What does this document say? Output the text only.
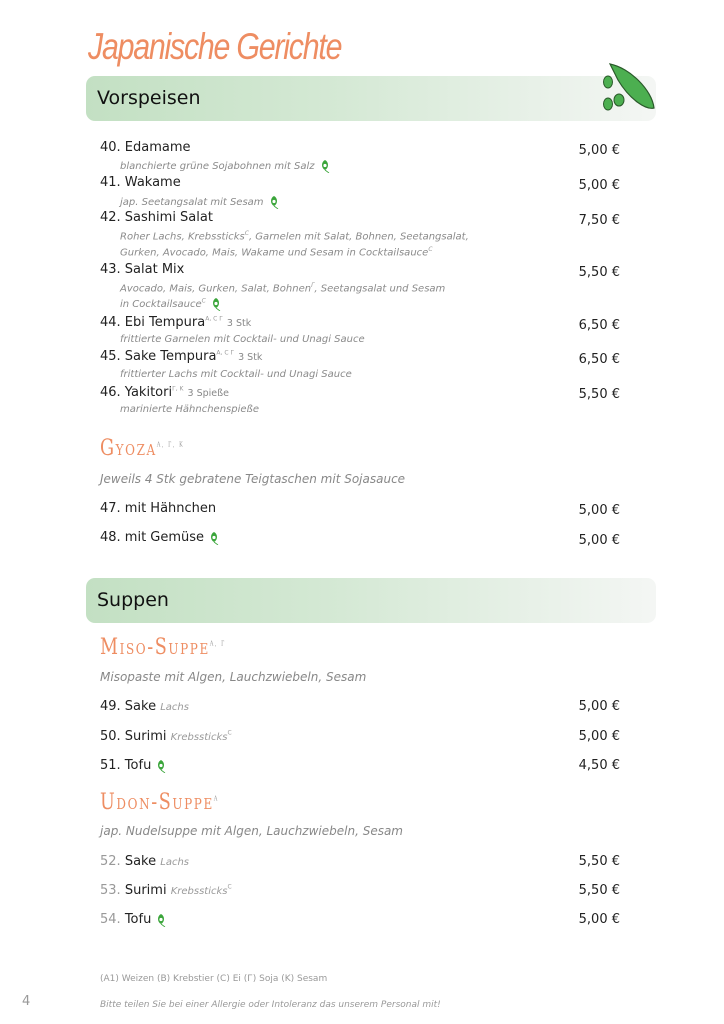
Japanische Gerichte
Vorspeisen
40. Edamame
blanchierte grüne Sojabohnen mit Salz
5,00 €
41. Wakame
jap. Seetangsalat mit Sesam
5,00 €
42. Sashimi Salat
Roher Lachs, Krebssticks$^C$, Garnelen mit Salat, Bohnen, Seetangsalat,
Gurken, Avocado, Mais, Wakame und Sesam in Cocktailsauce$^C$
7,50 €
43. Salat Mix
Avocado, Mais, Gurken, Salat, Bohnen$^Г$, Seetangsalat und Sesam
in Cocktailsauce$^C$
5,50 €
44. Ebi Tempura$^{A, C Г}$ 3 Stk
frittierte Garnelen mit Cocktail- und Unagi Sauce
6,50 €
45. Sake Tempura$^{A, C Г}$ 3 Stk
frittierter Lachs mit Cocktail- und Unagi Sauce
6,50 €
46. Yakitori$^{Г, K}$ 3 Spieße
marinierte Hähnchenspieße
5,50 €
Gyoza$^{A, Г, K}$
Jeweils 4 Stk gebratene Teigtaschen mit Sojasauce
47. mit Hähnchen	5,00 €
48. mit Gemüse	5,00 €
Suppen
Miso-Suppe$^{A, Г}$
Misopaste mit Algen, Lauchzwiebeln, Sesam
49. Sake Lachs	5,00 €
50. Surimi Krebssticks$^C$	5,00 €
51. Tofu	4,50 €
Udon-Suppe$^A$
jap. Nudelsuppe mit Algen, Lauchzwiebeln, Sesam
52. Sake Lachs	5,50 €
53. Surimi Krebssticks$^C$	5,50 €
54. Tofu	5,00 €
(A1) Weizen (B) Krebstier (C) Ei (Г) Soja (K) Sesam
Bitte teilen Sie bei einer Allergie oder Intoleranz das unserem Personal mit!
4
